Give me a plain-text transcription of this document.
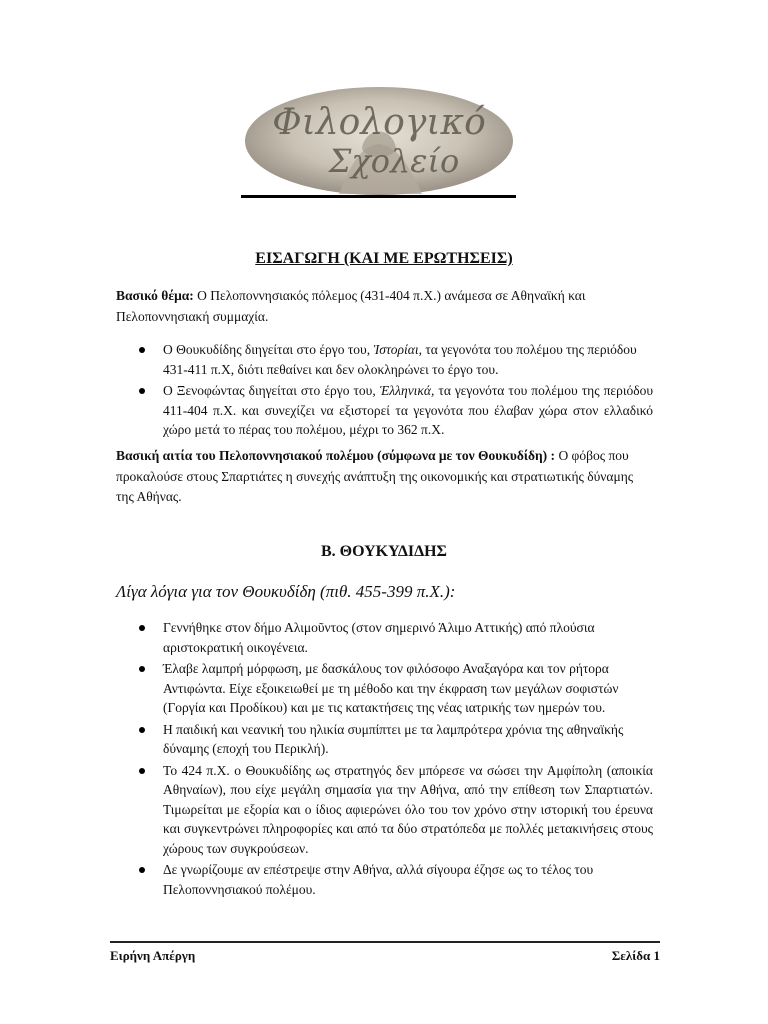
Φιλολογικό
Σχολείο
ΕΙΣΑΓΩΓΗ (ΚΑΙ ΜΕ ΕΡΩΤΗΣΕΙΣ)
Βασικό θέμα: Ο Πελοποννησιακός πόλεμος (431-404 π.Χ.) ανάμεσα σε Αθηναϊκή και Πελοποννησιακή συμμαχία.
Ο Θουκυδίδης διηγείται στο έργο του, Ἱστορίαι, τα γεγονότα του πολέμου της περιόδου 431-411 π.Χ, διότι πεθαίνει και δεν ολοκληρώνει το έργο του.
Ο Ξενοφώντας διηγείται στο έργο του, Ἑλληνικά, τα γεγονότα του πολέμου της περιόδου 411-404 π.Χ. και συνεχίζει να εξιστορεί τα γεγονότα που έλαβαν χώρα στον ελλαδικό χώρο μετά το πέρας του πολέμου, μέχρι το 362 π.Χ.
Βασική αιτία του Πελοποννησιακού πολέμου (σύμφωνα με τον Θουκυδίδη) : Ο φόβος που προκαλούσε στους Σπαρτιάτες η συνεχής ανάπτυξη της οικονομικής και στρατιωτικής δύναμης της Αθήνας.
Β. ΘΟΥΚΥΔΙΔΗΣ
Λίγα λόγια για τον Θουκυδίδη (πιθ. 455-399 π.Χ.):
Γεννήθηκε στον δήμο Αλιμοῦντος (στον σημερινό Άλιμο Αττικής) από πλούσια αριστοκρατική οικογένεια.
Έλαβε λαμπρή μόρφωση, με δασκάλους τον φιλόσοφο Αναξαγόρα και τον ρήτορα Αντιφώντα. Είχε εξοικειωθεί με τη μέθοδο και την έκφραση των μεγάλων σοφιστών (Γοργία και Προδίκου) και με τις κατακτήσεις της νέας ιατρικής των ημερών του.
Η παιδική και νεανική του ηλικία συμπίπτει με τα λαμπρότερα χρόνια της αθηναϊκής δύναμης (εποχή του Περικλή).
Το 424 π.Χ. ο Θουκυδίδης ως στρατηγός δεν μπόρεσε να σώσει την Αμφίπολη (αποικία Αθηναίων), που είχε μεγάλη σημασία για την Αθήνα, από την επίθεση των Σπαρτιατών. Τιμωρείται με εξορία και ο ίδιος αφιερώνει όλο του τον χρόνο στην ιστορική του έρευνα και συγκεντρώνει πληροφορίες και από τα δύο στρατόπεδα με πολλές μετακινήσεις στους χώρους των συγκρούσεων.
Δε γνωρίζουμε αν επέστρεψε στην Αθήνα, αλλά σίγουρα έζησε ως το τέλος του Πελοποννησιακού πολέμου.
Ειρήνη Απέργη	Σελίδα 1
